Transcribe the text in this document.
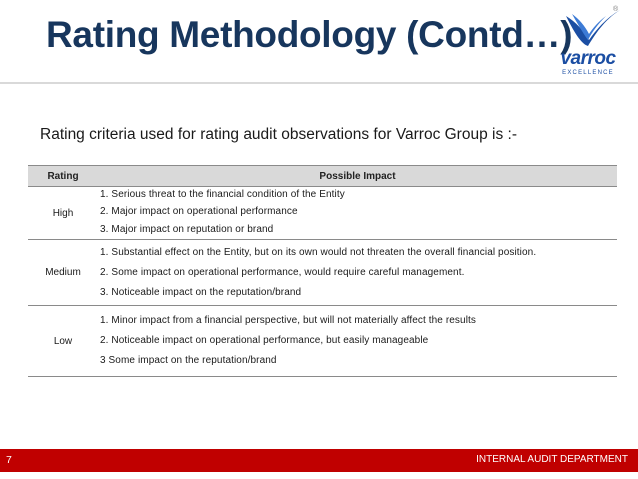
Rating Methodology (Contd…)
®
varroc
EXCELLENCE
Rating criteria used for rating audit observations for Varroc Group is :-
Rating	Possible Impact
High	1. Serious threat to the financial condition of the Entity
2. Major impact on operational performance
3. Major impact on reputation or brand

Medium	1. Substantial effect on the Entity, but on its own would not threaten the overall financial position.
2. Some impact on operational performance, would require careful management.
3. Noticeable impact on the reputation/brand

Low	1. Minor impact from a financial perspective, but will not materially affect the results
2. Noticeable impact on operational performance, but easily manageable
3 Some impact on the reputation/brand
7	INTERNAL AUDIT DEPARTMENT
